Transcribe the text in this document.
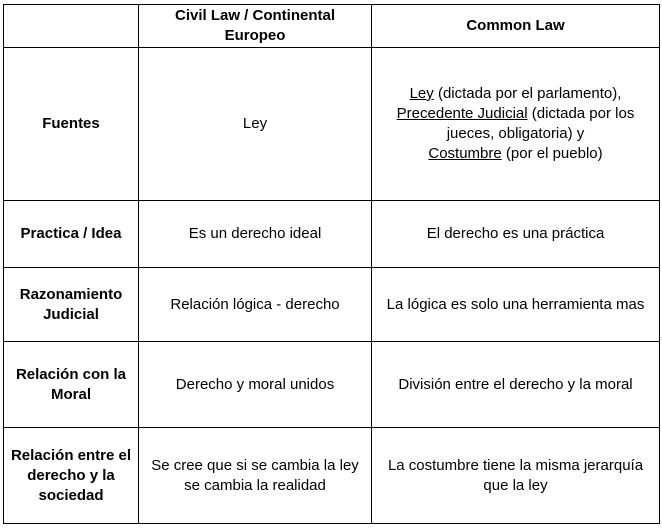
	Civil Law / Continental Europeo	Common Law
Fuentes	Ley	Ley (dictada por el parlamento),
Precedente Judicial (dictada por los jueces, obligatoria) y
Costumbre (por el pueblo)
Practica / Idea	Es un derecho ideal	El derecho es una práctica
Razonamiento Judicial	Relación lógica - derecho	La lógica es solo una herramienta mas
Relación con la Moral	Derecho y moral unidos	División entre el derecho y la moral
Relación entre el derecho y la sociedad	Se cree que si se cambia la ley se cambia la realidad	La costumbre tiene la misma jerarquía que la ley
